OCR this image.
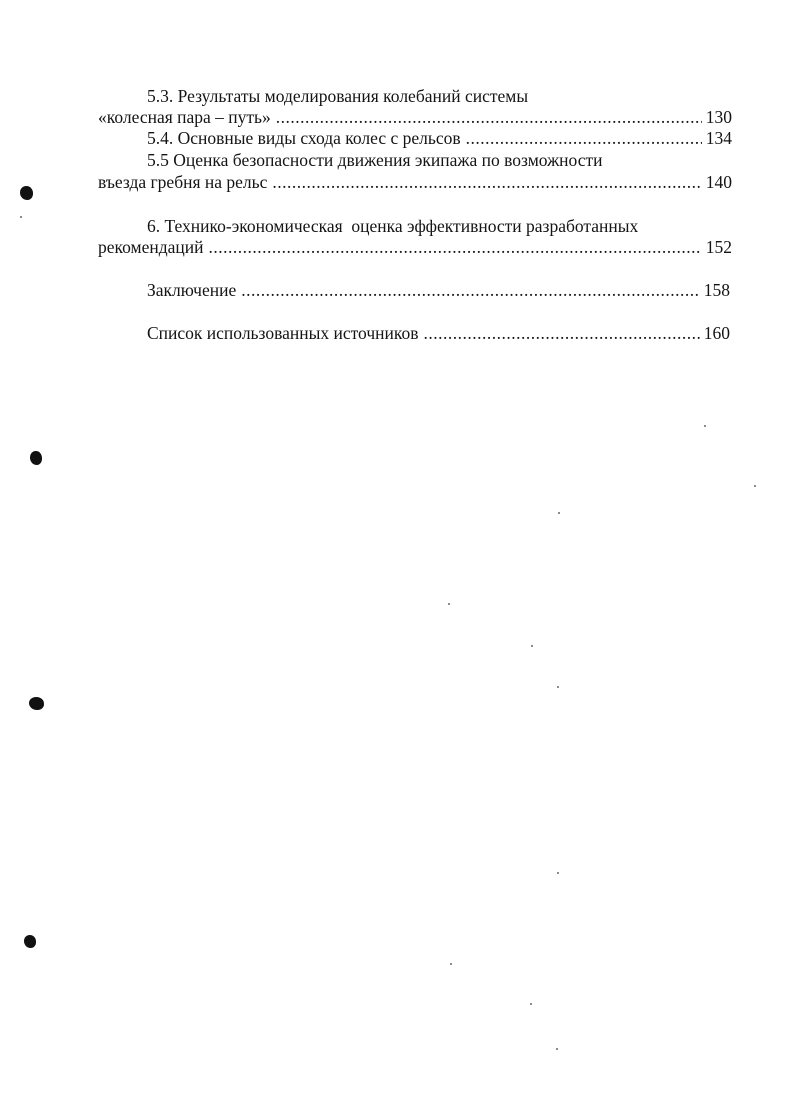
5.3. Результаты моделирования колебаний системы
«колесная пара – путь» .....	130
5.4. Основные виды схода колес с рельсов .....	134
5.5 Оценка безопасности движения экипажа по возможности
въезда гребня на рельс .....	140
6. Технико-экономическая  оценка эффективности разработанных
рекомендаций .....	152
Заключение .....	158
Список использованных источников .....	160
